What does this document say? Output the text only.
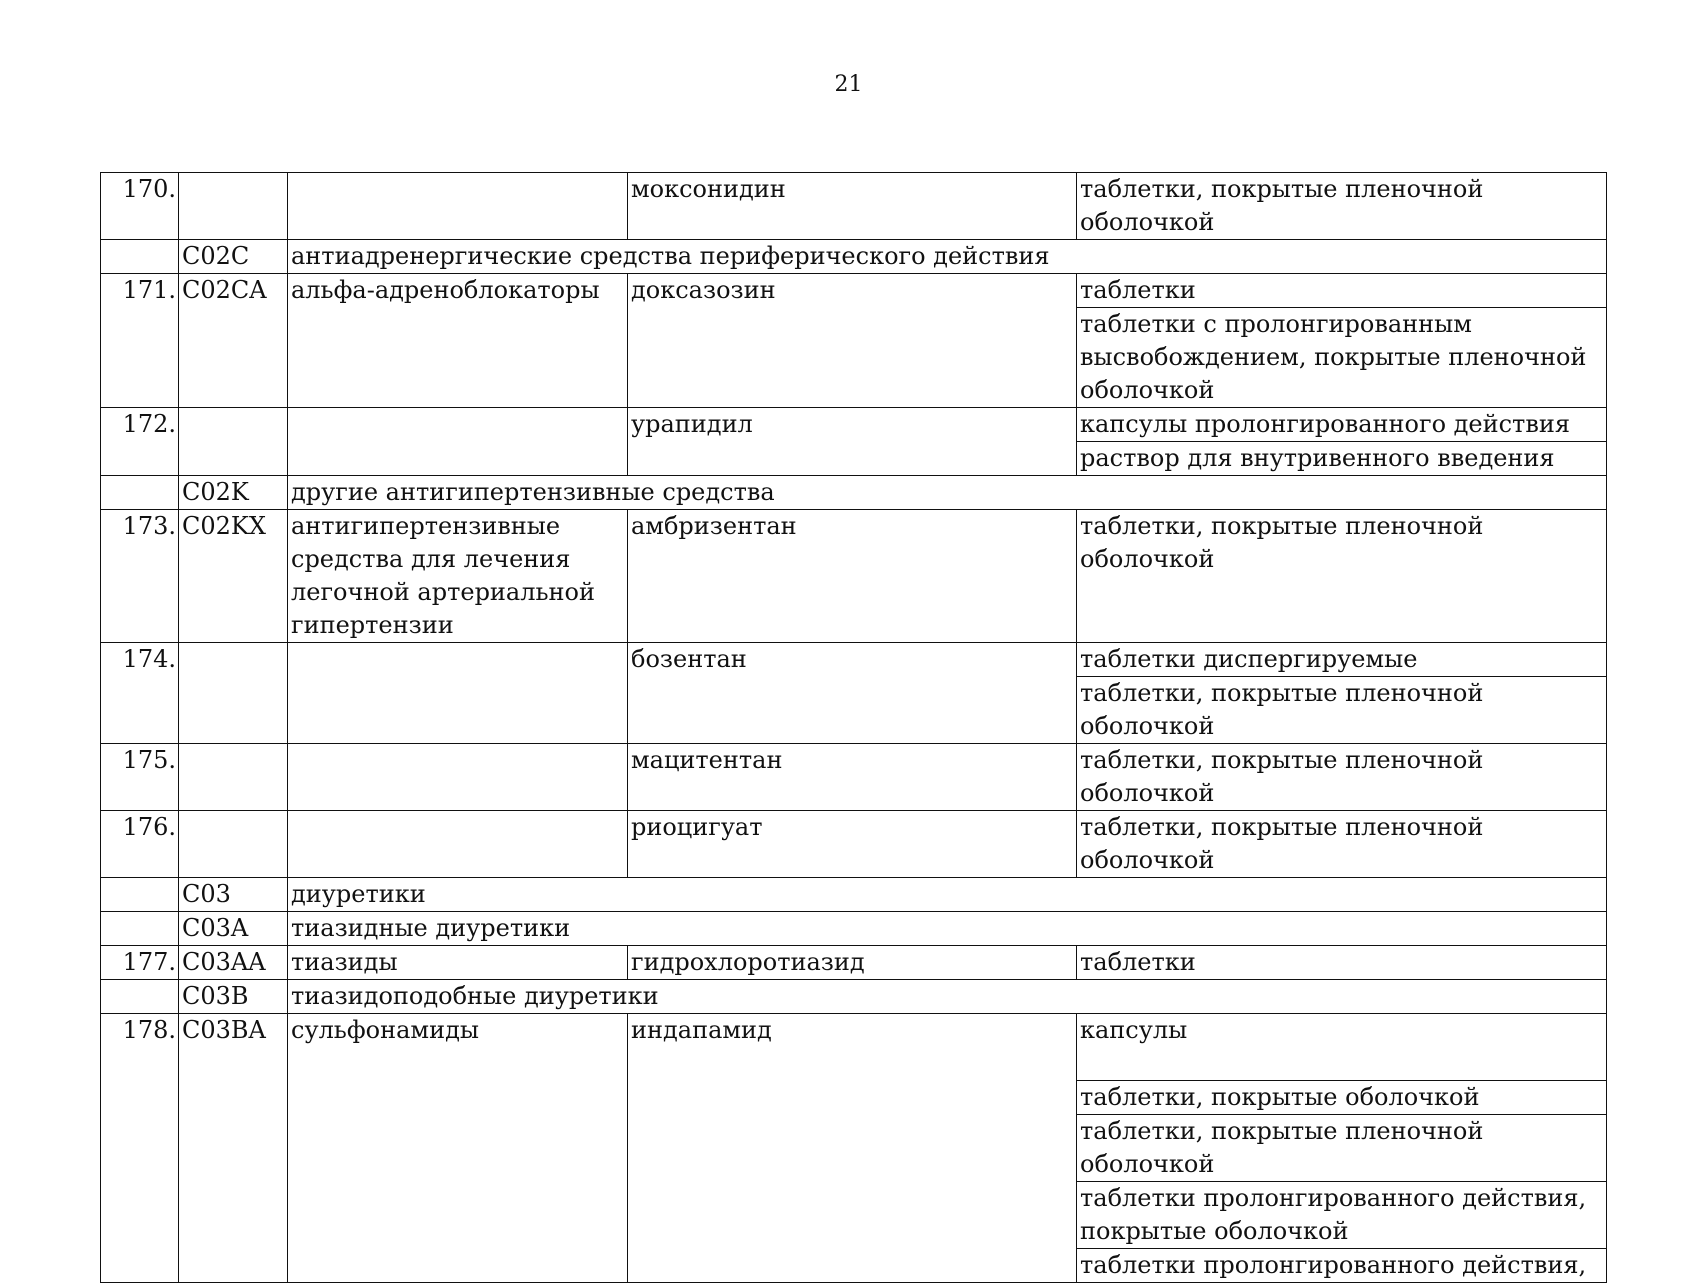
21
170.			моксонидин	таблетки, покрытые пленочной оболочкой
	C02C	антиадренергические средства периферического действия		
171.	C02CA	альфа-адреноблокаторы	доксазозин	таблетки
				таблетки с пролонгированным высвобождением, покрытые пленочной оболочкой
172.			урапидил	капсулы пролонгированного действия
				раствор для внутривенного введения
	C02K	другие антигипертензивные средства		
173.	C02KX	антигипертензивные средства для лечения легочной артериальной гипертензии	амбризентан	таблетки, покрытые пленочной оболочкой
174.			бозентан	таблетки диспергируемые
				таблетки, покрытые пленочной оболочкой
175.			мацитентан	таблетки, покрытые пленочной оболочкой
176.			риоцигуат	таблетки, покрытые пленочной оболочкой
	C03	диуретики		
	C03A	тиазидные диуретики		
177.	C03AA	тиазиды	гидрохлоротиазид	таблетки
	C03B	тиазидоподобные диуретики		
178.	C03BA	сульфонамиды	индапамид	капсулы
				таблетки, покрытые оболочкой
				таблетки, покрытые пленочной оболочкой
				таблетки пролонгированного действия, покрытые оболочкой
				таблетки пролонгированного действия,
